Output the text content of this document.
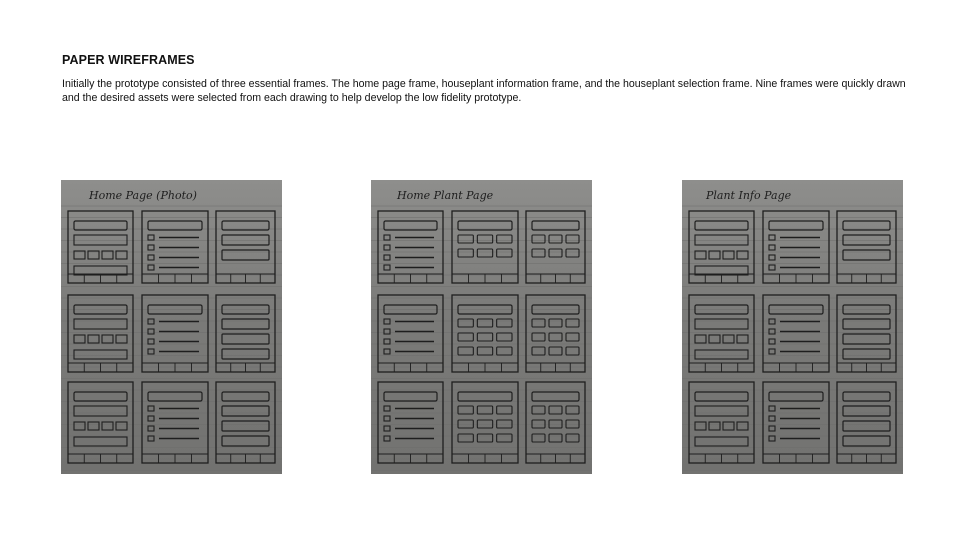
PAPER WIREFRAMES

Initially the prototype consisted of three essential frames. The home page frame, houseplant information frame, and the houseplant selection frame. Nine frames were quickly drawn and the desired assets were selected from each drawing to help develop the low fidelity prototype.

Home Page (Photo)	Home Plant Page	Plant Info Page
